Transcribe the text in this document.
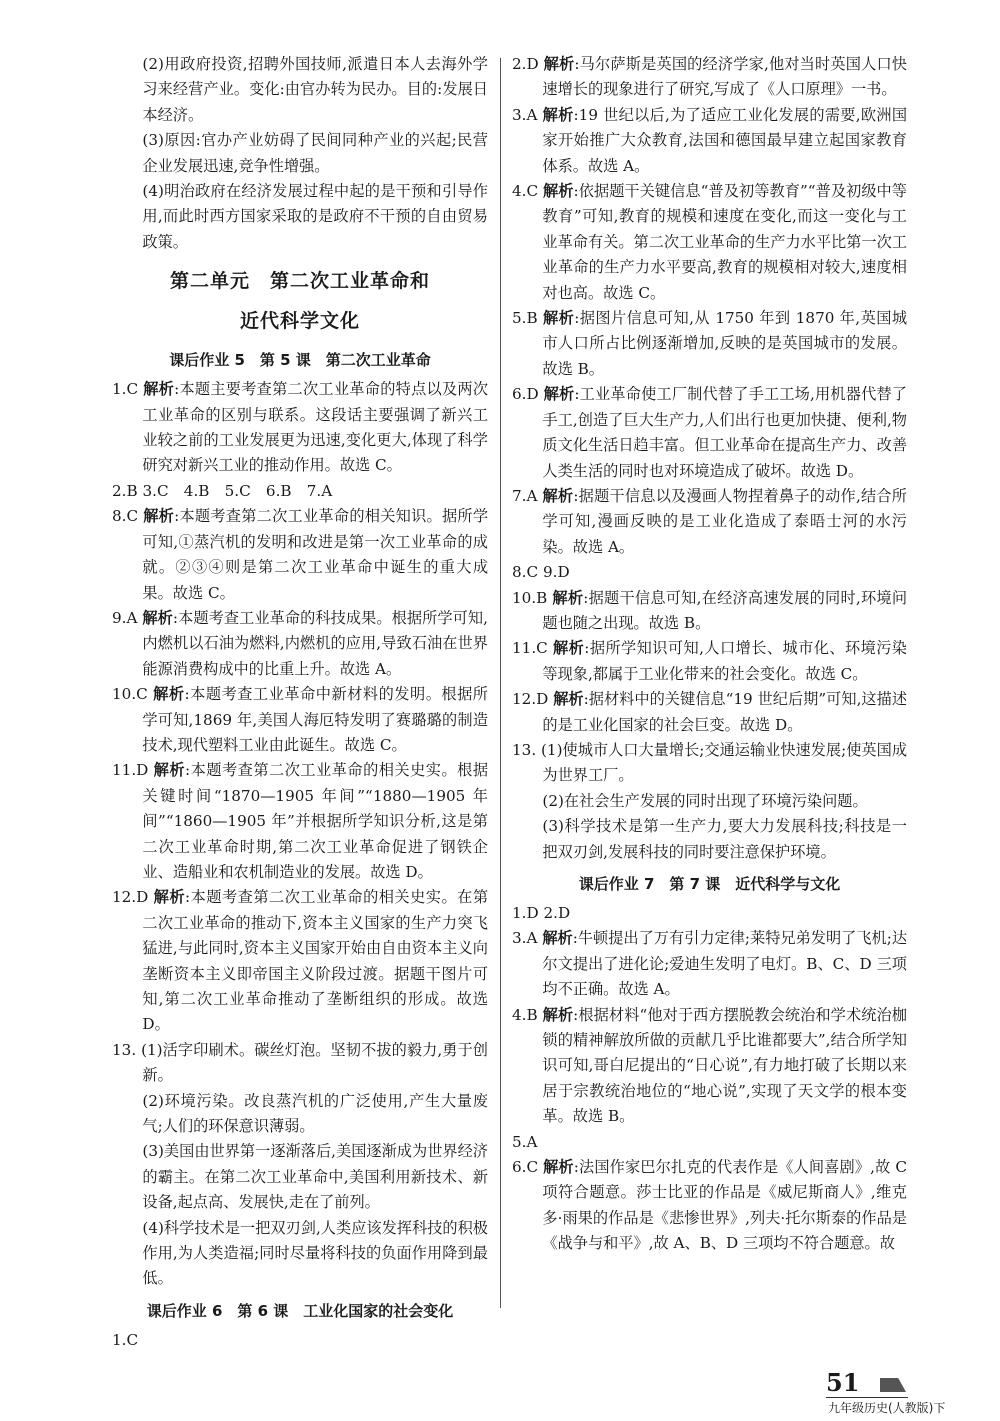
(2)用政府投资,招聘外国技师,派遣日本人去海外学习来经营产业。变化:由官办转为民办。目的:发展日本经济。

(3)原因:官办产业妨碍了民间同种产业的兴起;民营企业发展迅速,竞争性增强。

(4)明治政府在经济发展过程中起的是干预和引导作用,而此时西方国家采取的是政府不干预的自由贸易政策。

第二单元　第二次工业革命和
近代科学文化
课后作业 5　第 5 课　第二次工业革命

1.C 解析:本题主要考查第二次工业革命的特点以及两次工业革命的区别与联系。这段话主要强调了新兴工业较之前的工业发展更为迅速,变化更大,体现了科学研究对新兴工业的推动作用。故选 C。

2.B 3.C　4.B　5.C　6.B　7.A

8.C 解析:本题考查第二次工业革命的相关知识。据所学可知,①蒸汽机的发明和改进是第一次工业革命的成就。②③④则是第二次工业革命中诞生的重大成果。故选 C。

9.A 解析:本题考查工业革命的科技成果。根据所学可知,内燃机以石油为燃料,内燃机的应用,导致石油在世界能源消费构成中的比重上升。故选 A。

10.C 解析:本题考查工业革命中新材料的发明。根据所学可知,1869 年,美国人海厄特发明了赛璐璐的制造技术,现代塑料工业由此诞生。故选 C。

11.D 解析:本题考查第二次工业革命的相关史实。根据关键时间“1870—1905 年间”“1880—1905 年间”“1860—1905 年”并根据所学知识分析,这是第二次工业革命时期,第二次工业革命促进了钢铁企业、造船业和农机制造业的发展。故选 D。

12.D 解析:本题考查第二次工业革命的相关史实。在第二次工业革命的推动下,资本主义国家的生产力突飞猛进,与此同时,资本主义国家开始由自由资本主义向垄断资本主义即帝国主义阶段过渡。据题干图片可知,第二次工业革命推动了垄断组织的形成。故选 D。

13. (1)活字印刷术。碳丝灯泡。坚韧不拔的毅力,勇于创新。

(2)环境污染。改良蒸汽机的广泛使用,产生大量废气;人们的环保意识薄弱。

(3)美国由世界第一逐渐落后,美国逐渐成为世界经济的霸主。在第二次工业革命中,美国利用新技术、新设备,起点高、发展快,走在了前列。

(4)科学技术是一把双刃剑,人类应该发挥科技的积极作用,为人类造福;同时尽量将科技的负面作用降到最低。

课后作业 6　第 6 课　工业化国家的社会变化

1.C

2.D 解析:马尔萨斯是英国的经济学家,他对当时英国人口快速增长的现象进行了研究,写成了《人口原理》一书。

3.A 解析:19 世纪以后,为了适应工业化发展的需要,欧洲国家开始推广大众教育,法国和德国最早建立起国家教育体系。故选 A。

4.C 解析:依据题干关键信息“普及初等教育”“普及初级中等教育”可知,教育的规模和速度在变化,而这一变化与工业革命有关。第二次工业革命的生产力水平比第一次工业革命的生产力水平要高,教育的规模相对较大,速度相对也高。故选 C。

5.B 解析:据图片信息可知,从 1750 年到 1870 年,英国城市人口所占比例逐渐增加,反映的是英国城市的发展。故选 B。

6.D 解析:工业革命使工厂制代替了手工工场,用机器代替了手工,创造了巨大生产力,人们出行也更加快捷、便利,物质文化生活日趋丰富。但工业革命在提高生产力、改善人类生活的同时也对环境造成了破坏。故选 D。

7.A 解析:据题干信息以及漫画人物捏着鼻子的动作,结合所学可知,漫画反映的是工业化造成了泰晤士河的水污染。故选 A。

8.C 9.D

10.B 解析:据题干信息可知,在经济高速发展的同时,环境问题也随之出现。故选 B。

11.C 解析:据所学知识可知,人口增长、城市化、环境污染等现象,都属于工业化带来的社会变化。故选 C。

12.D 解析:据材料中的关键信息“19 世纪后期”可知,这描述的是工业化国家的社会巨变。故选 D。

13. (1)使城市人口大量增长;交通运输业快速发展;使英国成为世界工厂。

(2)在社会生产发展的同时出现了环境污染问题。

(3)科学技术是第一生产力,要大力发展科技;科技是一把双刃剑,发展科技的同时要注意保护环境。

课后作业 7　第 7 课　近代科学与文化

1.D 2.D

3.A 解析:牛顿提出了万有引力定律;莱特兄弟发明了飞机;达尔文提出了进化论;爱迪生发明了电灯。B、C、D 三项均不正确。故选 A。

4.B 解析:根据材料“他对于西方摆脱教会统治和学术统治枷锁的精神解放所做的贡献几乎比谁都要大”,结合所学知识可知,哥白尼提出的“日心说”,有力地打破了长期以来居于宗教统治地位的“地心说”,实现了天文学的根本变革。故选 B。

5.A

6.C 解析:法国作家巴尔扎克的代表作是《人间喜剧》,故 C 项符合题意。莎士比亚的作品是《威尼斯商人》,维克多·雨果的作品是《悲惨世界》,列夫·托尔斯泰的作品是《战争与和平》,故 A、B、D 三项均不符合题意。故

51
九年级历史(人教版)下
